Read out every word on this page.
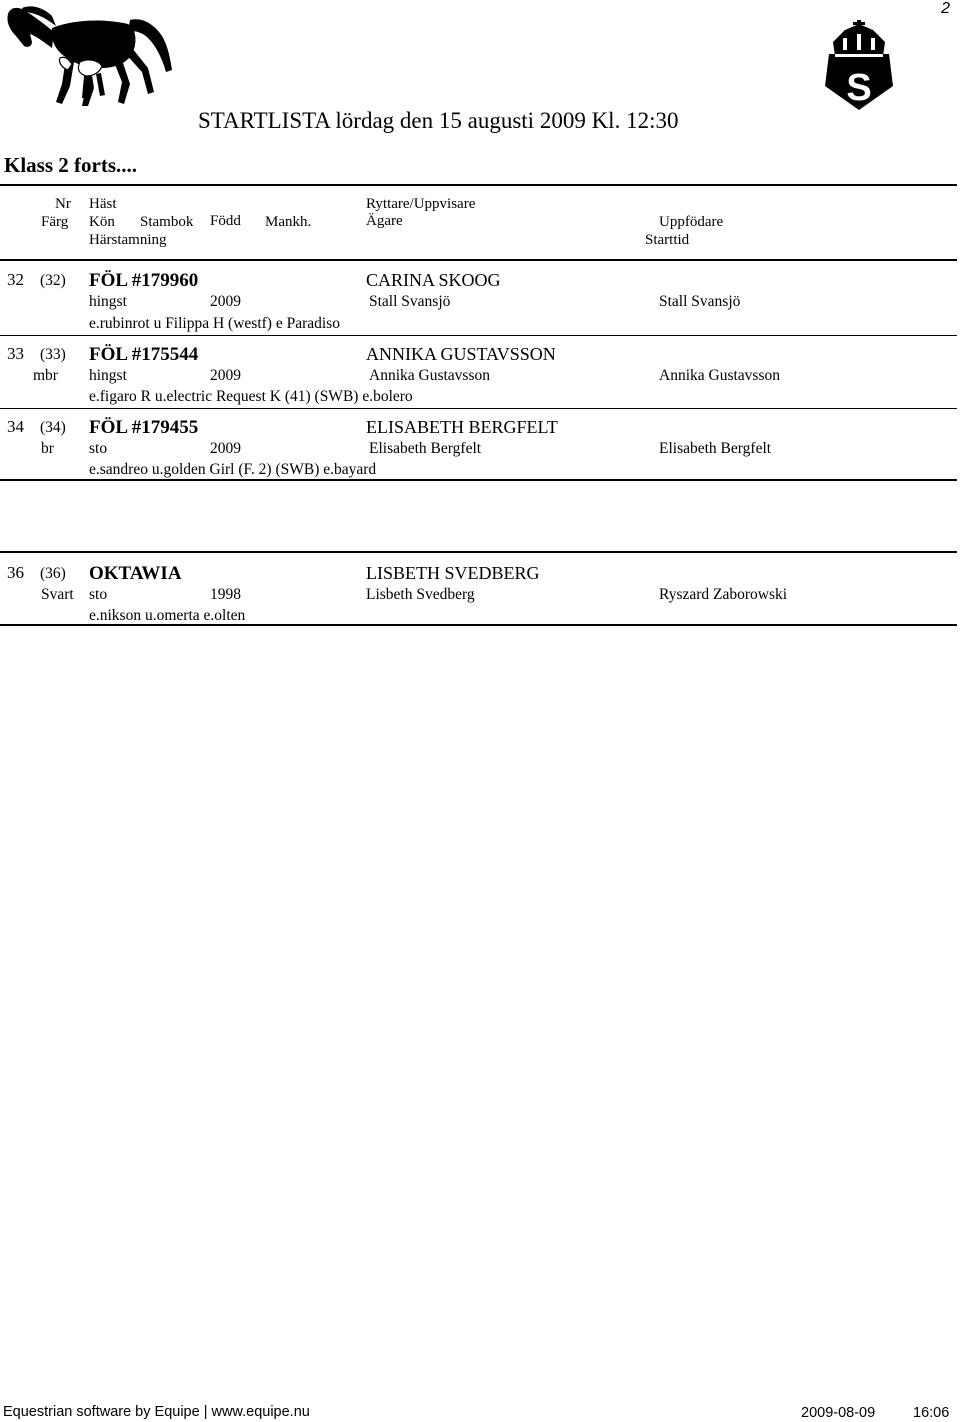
2
S
STARTLISTA lördag den 15 augusti 2009 Kl. 12:30
Klass 2 forts....
Nr Häst	Ryttare/Uppvisare
Färg Kön Stambok Född Mankh.	Ägare	Uppfödare
Härstamning	Starttid
32 (32) FÖL #179960	CARINA SKOOG
hingst	2009	Stall Svansjö	Stall Svansjö
e.rubinrot u Filippa H (westf) e Paradiso
33 (33) FÖL #175544	ANNIKA GUSTAVSSON
mbr hingst	2009	Annika Gustavsson	Annika Gustavsson
e.figaro R u.electric Request K (41) (SWB) e.bolero
34 (34) FÖL #179455	ELISABETH BERGFELT
br sto	2009	Elisabeth Bergfelt	Elisabeth Bergfelt
e.sandreo u.golden Girl (F. 2) (SWB) e.bayard
36 (36) OKTAWIA	LISBETH SVEDBERG
Svart sto	1998	Lisbeth Svedberg	Ryszard Zaborowski
e.nikson u.omerta e.olten
Equestrian software by Equipe | www.equipe.nu	2009-08-09	16:06
